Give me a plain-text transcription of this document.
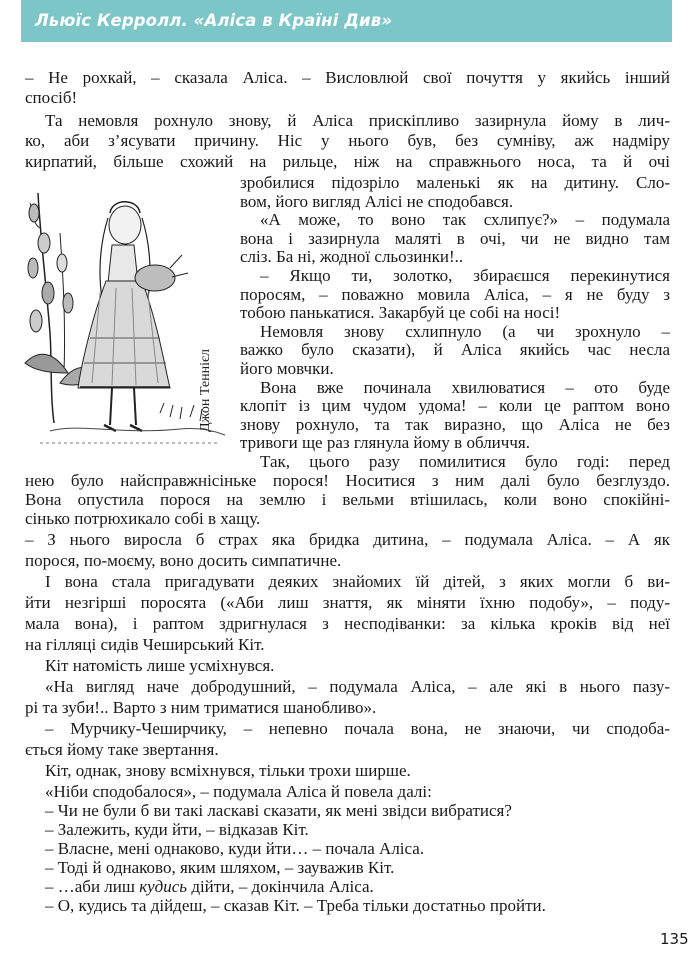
Льюїс Керролл. «Аліса в Країні Див»
– Не рохкай, – сказала Аліса. – Висловлюй свої почуття у якийсь інший
спосіб!
Та немовля рохнуло знову, й Аліса прискіпливо зазирнула йому в лич-
ко, аби з’ясувати причину. Ніс у нього був, без сумніву, аж надміру
кирпатий, більше схожий на рильце, ніж на справжнього носа, та й очі
зробилися підозріло маленькі як на дитину. Сло-
вом, його вигляд Алісі не сподобався.
«А може, то воно так схлипує?» – подумала
вона і зазирнула маляті в очі, чи не видно там
сліз. Ба ні, жодної сльозинки!..
– Якщо ти, золотко, збираєшся перекинутися
поросям, – поважно мовила Аліса, – я не буду з
тобою панькатися. Закарбуй це собі на носі!
Немовля знову схлипнуло (а чи зрохнуло –
важко було сказати), й Аліса якийсь час несла
його мовчки.
Вона вже починала хвилюватися – ото буде
клопіт із цим чудом удома! – коли це раптом воно
знову рохнуло, та так виразно, що Аліса не без
тривоги ще раз глянула йому в обличчя.
Так, цього разу помилитися було годі: перед
нею було найсправжнісіньке порося! Носитися з ним далі було безглуздо.
Вона опустила порося на землю і вельми втішилась, коли воно спокійні-
сінько потрюхикало собі в хащу.
– З нього виросла б страх яка бридка дитина, – подумала Аліса. – А як
порося, по-моєму, воно досить симпатичне.
І вона стала пригадувати деяких знайомих їй дітей, з яких могли б ви-
йти незгірші поросята («Аби лиш знаття, як міняти їхню подобу», – поду-
мала вона), і раптом здригнулася з несподіванки: за кілька кроків від неї
на гілляці сидів Чеширський Кіт.
Кіт натомість лише усміхнувся.
«На вигляд наче добродушний, – подумала Аліса, – але які в нього пазу-
рі та зуби!.. Варто з ним триматися шанобливо».
– Мурчику-Чеширчику, – непевно почала вона, не знаючи, чи сподоба-
ється йому таке звертання.
Кіт, однак, знову всміхнувся, тільки трохи ширше.
«Ніби сподобалося», – подумала Аліса й повела далі:
– Чи не були б ви такі ласкаві сказати, як мені звідси вибратися?
– Залежить, куди йти, – відказав Кіт.
– Власне, мені однаково, куди йти… – почала Аліса.
– Тоді й однаково, яким шляхом, – зауважив Кіт.
– …аби лиш кудись дійти, – докінчила Аліса.
Джон Теннієл
135
– О, кудись та дійдеш, – сказав Кіт. – Треба тільки достатньо пройти.
